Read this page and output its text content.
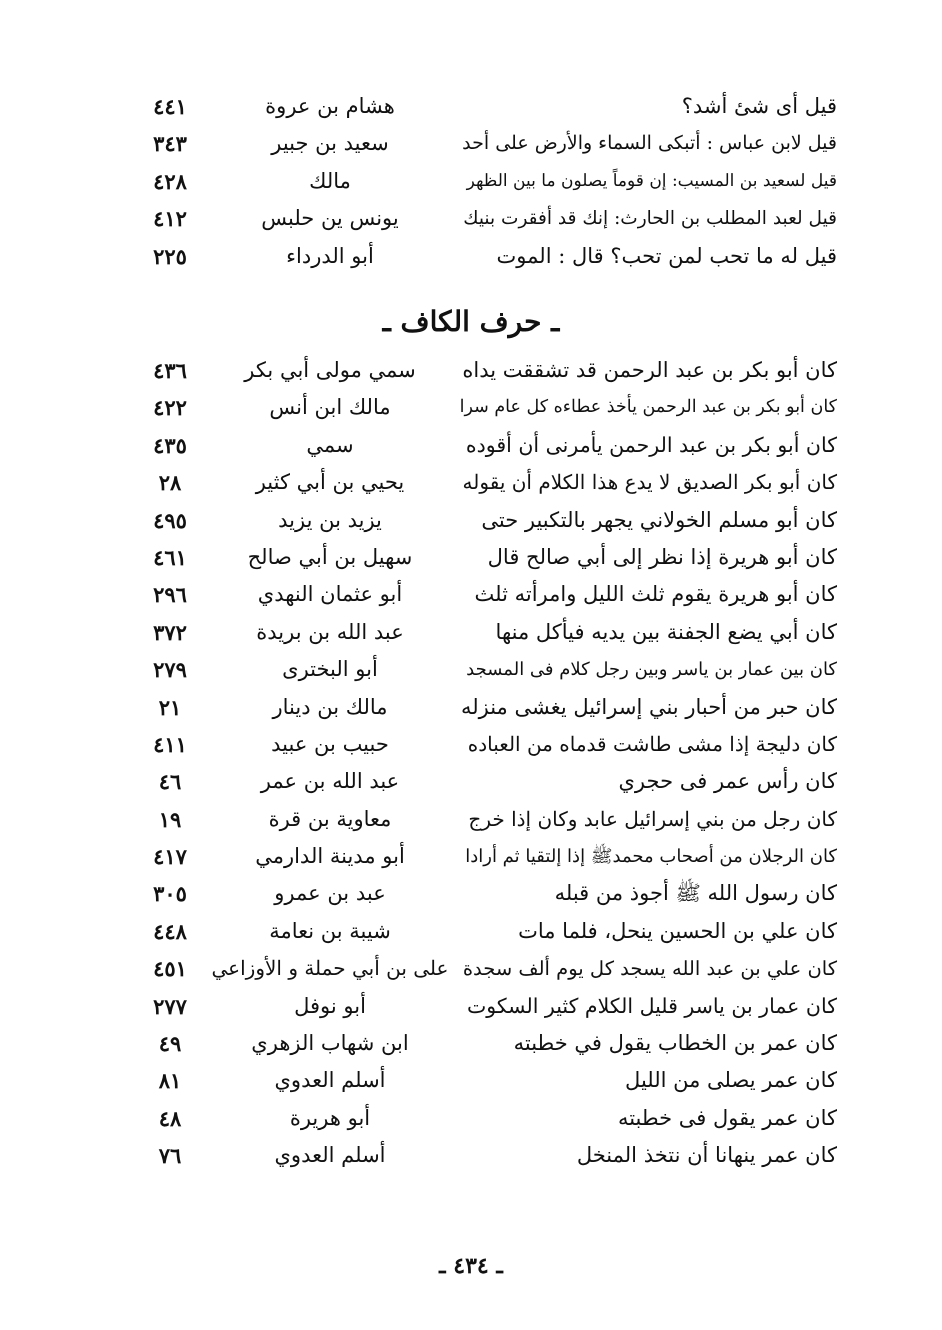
قيل أى شئ أشد؟
هشام بن عروة
٤٤١
قيل لابن عباس : أتبكى السماء والأرض على أحد
سعيد بن جبير
٣٤٣
قيل لسعيد بن المسيب: إن قوماً يصلون ما بين الظهر
مالك
٤٢٨
قيل لعبد المطلب بن الحارث: إنك قد أفقرت بنيك
يونس ين حلبس
٤١٢
قيل له ما تحب لمن تحب؟ قال : الموت
أبو الدرداء
٢٢٥
ـ حرف الكاف ـ
كان أبو بكر بن عبد الرحمن قد تشققت يداه
سمي مولى أبي بكر
٤٣٦
كان أبو بكر بن عبد الرحمن يأخذ عطاءه كل عام سرا
مالك ابن أنس
٤٢٢
كان أبو بكر بن عبد الرحمن يأمرنى أن أقوده
سمي
٤٣٥
كان أبو بكر الصديق لا يدع هذا الكلام أن يقوله
يحيي بن أبي كثير
٢٨
كان أبو مسلم الخولاني يجهر بالتكبير حتى
يزيد بن يزيد
٤٩٥
كان أبو هريرة إذا نظر إلى أبي صالح قال
سهيل بن أبي صالح
٤٦١
كان أبو هريرة يقوم ثلث الليل وامرأته ثلث
أبو عثمان النهدي
٢٩٦
كان أبي يضع الجفنة بين يديه فيأكل منها
عبد الله بن بريدة
٣٧٢
كان بين عمار بن ياسر وبين رجل كلام فى المسجد
أبو البخترى
٢٧٩
كان حبر من أحبار بني إسرائيل يغشى منزله
مالك بن دينار
٢١
كان دليجة إذا مشى طاشت قدماه من العباده
حبيب بن عبيد
٤١١
كان رأس عمر فى حجري
عبد الله بن عمر
٤٦
كان رجل من بني إسرائيل عابد وكان إذا خرج
معاوية بن قرة
١٩
كان الرجلان من أصحاب محمدﷺ إذا إلتقيا ثم أرادا
أبو مدينة الدارمي
٤١٧
كان رسول الله ﷺ أجوذ من قبله
عبد بن عمرو
٣٠٥
كان علي بن الحسين ينحل، فلما مات
شيبة بن نعامة
٤٤٨
كان علي بن عبد الله يسجد كل يوم ألف سجدة
على بن أبي حملة و الأوزاعي
٤٥١
كان عمار بن ياسر قليل الكلام كثير السكوت
أبو نوفل
٢٧٧
كان عمر بن الخطاب يقول في خطبته
ابن شهاب الزهري
٤٩
كان عمر يصلى من الليل
أسلم العدوي
٨١
كان عمر يقول فى خطبته
أبو هريرة
٤٨
كان عمر ينهانا أن نتخذ المنخل
أسلم العدوي
٧٦
ـ ٤٣٤ ـ
